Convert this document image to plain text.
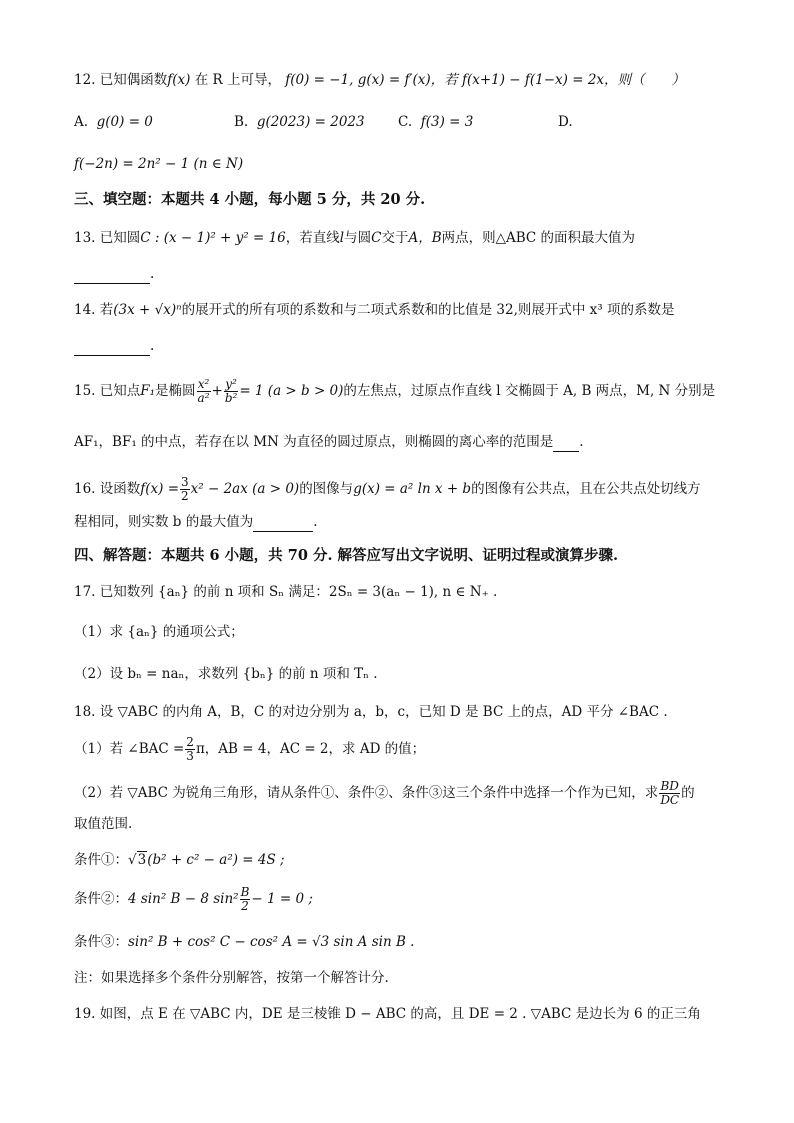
12. 已知偶函数f(x) 在 R 上可导， f(0) = −1, g(x) = f′(x)，若 f(x+1) − f(1−x) = 2x，则（　　）
A. g(0) = 0	B. g(2023) = 2023 C. f(3) = 3	D.
f(−2n) = 2n² − 1 (n ∈ N)
三、填空题：本题共 4 小题，每小题 5 分，共 20 分.
13. 已知圆C : (x − 1)² + y² = 16，若直线l与圆C交于A，B两点，则△ABC 的面积最大值为
.
14. 若(3x + √x)ⁿ的展开式的所有项的系数和与二项式系数和的比值是 32,则展开式中 x³ 项的系数是
.
15. 已知点F₁是椭圆 $\frac{\text{x²}}{\text{a²}} + \frac{\text{y²}}{\text{b²}} = 1$ (a > b > 0)的左焦点，过原点作直线 l 交椭圆于 A, B 两点，M, N 分别是
AF₁，BF₁ 的中点，若存在以 MN 为直径的圆过原点，则椭圆的离心率的范围是 .
16. 设函数$f(x) = \frac{3}{2} x^2 - 2ax$ (a > 0)的图像与g(x) = a² ln x + b的图像有公共点，且在公共点处切线方
程相同，则实数 b 的最大值为	.
四、解答题：本题共 6 小题，共 70 分. 解答应写出文字说明、证明过程或演算步骤.
17. 已知数列 {aₙ} 的前 n 项和 Sₙ 满足：2Sₙ = 3(aₙ − 1), n ∈ N₊ .
（1）求 {aₙ} 的通项公式；
（2）设 bₙ = naₙ，求数列 {bₙ} 的前 n 项和 Tₙ .
18. 设 ▽ABC 的内角 A，B，C 的对边分别为 a，b，c，已知 D 是 BC 上的点，AD 平分 ∠BAC .
（1）若 ∠BAC = $\frac{2}{3}$ π，AB = 4，AC = 2，求 AD 的值；
（2）若 ▽ABC 为锐角三角形，请从条件①、条件②、条件③这三个条件中选择一个作为已知，求 $\frac{BD}{DC}$ 的
取值范围.
条件①：√3(b² + c² − a²) = 4S ;
条件②：4 sin² B − 8 $\sin^2 \frac{B}{2} - 1 = 0$ ;
条件③：sin² B + cos² C − cos² A = √3 sin A sin B .
注：如果选择多个条件分别解答，按第一个解答计分.
19. 如图，点 E 在 ▽ABC 内，DE 是三棱锥 D − ABC 的高，且 DE = 2 . ▽ABC 是边长为 6 的正三角
